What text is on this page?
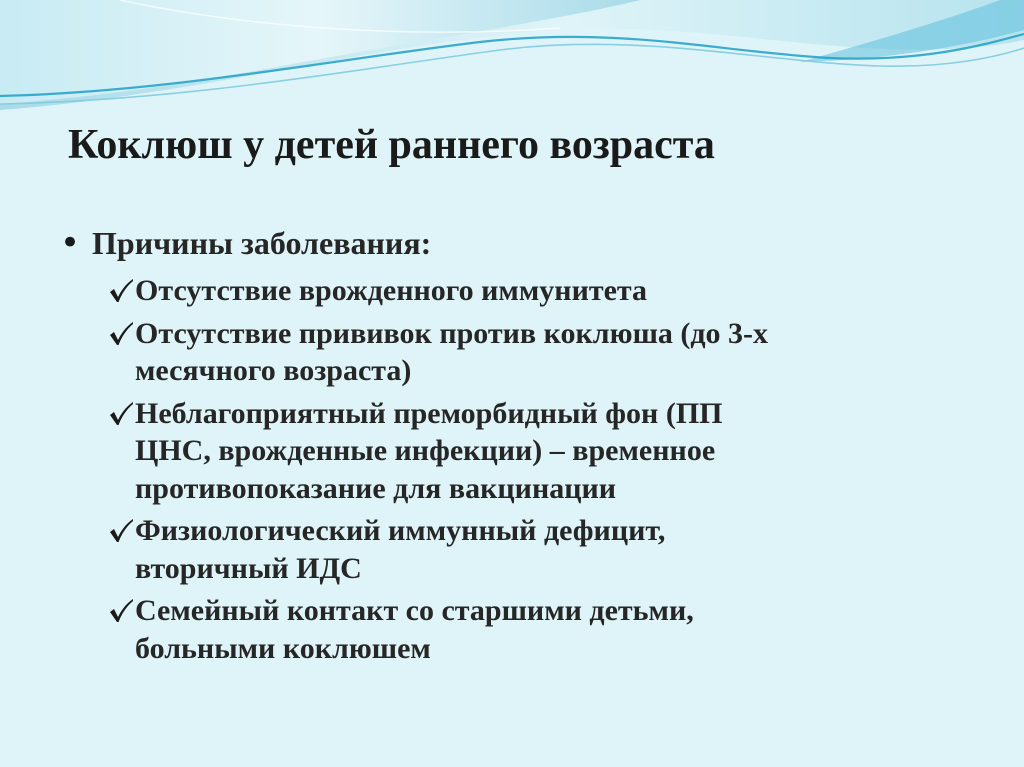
Коклюш у детей раннего возраста
• Причины заболевания:
Отсутствие врожденного иммунитета
Отсутствие прививок против коклюша (до 3-х
месячного возраста)
Неблагоприятный преморбидный фон (ПП
ЦНС, врожденные инфекции) – временное
противопоказание для вакцинации
Физиологический иммунный дефицит,
вторичный ИДС
Семейный контакт со старшими детьми,
больными коклюшем
